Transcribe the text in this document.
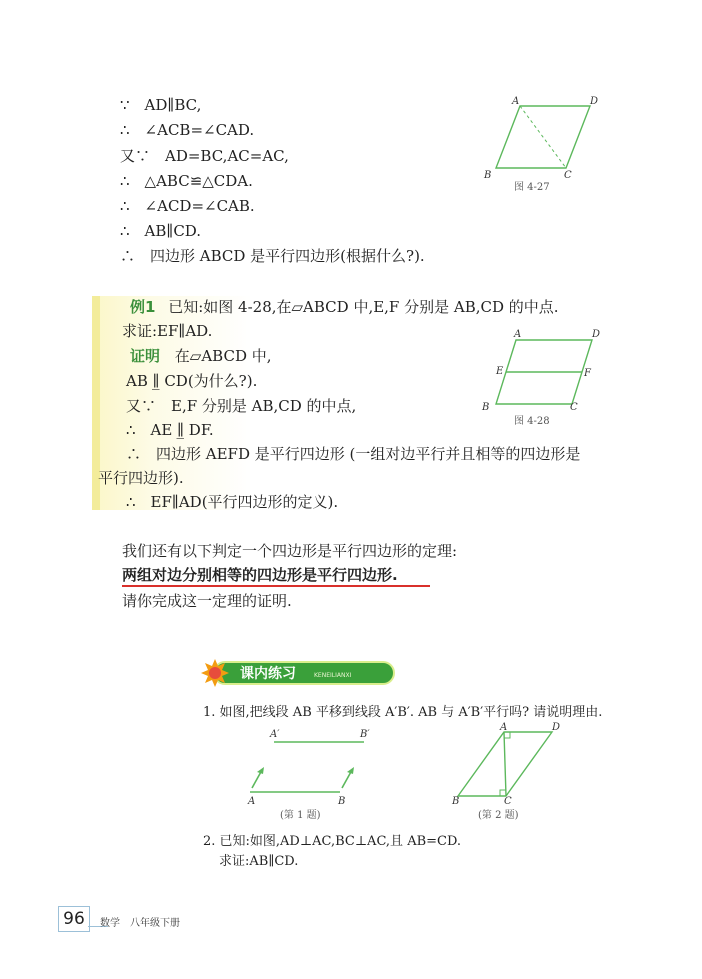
∵　AD∥BC,
∴　∠ACB=∠CAD.
又∵　AD=BC,AC=AC,
∴　△ABC≌△CDA.
∴　∠ACD=∠CAB.
∴　AB∥CD.
∴　四边形 ABCD 是平行四边形(根据什么?).
A	D
B	C
图 4-27
例1 已知:如图 4-28,在▱ABCD 中,E,F 分别是 AB,CD 的中点.
求证:EF∥AD.
证明 在▱ABCD 中,
AB ∥̲ CD(为什么?).
又∵　E,F 分别是 AB,CD 的中点,
∴　AE ∥̲ DF.
∴　四边形 AEFD 是平行四边形 (一组对边平行并且相等的四边形是
平行四边形).
∴　EF∥AD(平行四边形的定义).
A	D
E	F
B	C
图 4-28
我们还有以下判定一个四边形是平行四边形的定理:
两组对边分别相等的四边形是平行四边形.
请你完成这一定理的证明.
课内练习	KENEILIANXI
1. 如图,把线段 AB 平移到线段 A′B′. AB 与 A′B′平行吗? 请说明理由.
A′	B′
A	B
(第 1 题)
A	D
B	C
(第 2 题)
2. 已知:如图,AD⊥AC,BC⊥AC,且 AB=CD.
求证:AB∥CD.
96	数学　八年级下册
